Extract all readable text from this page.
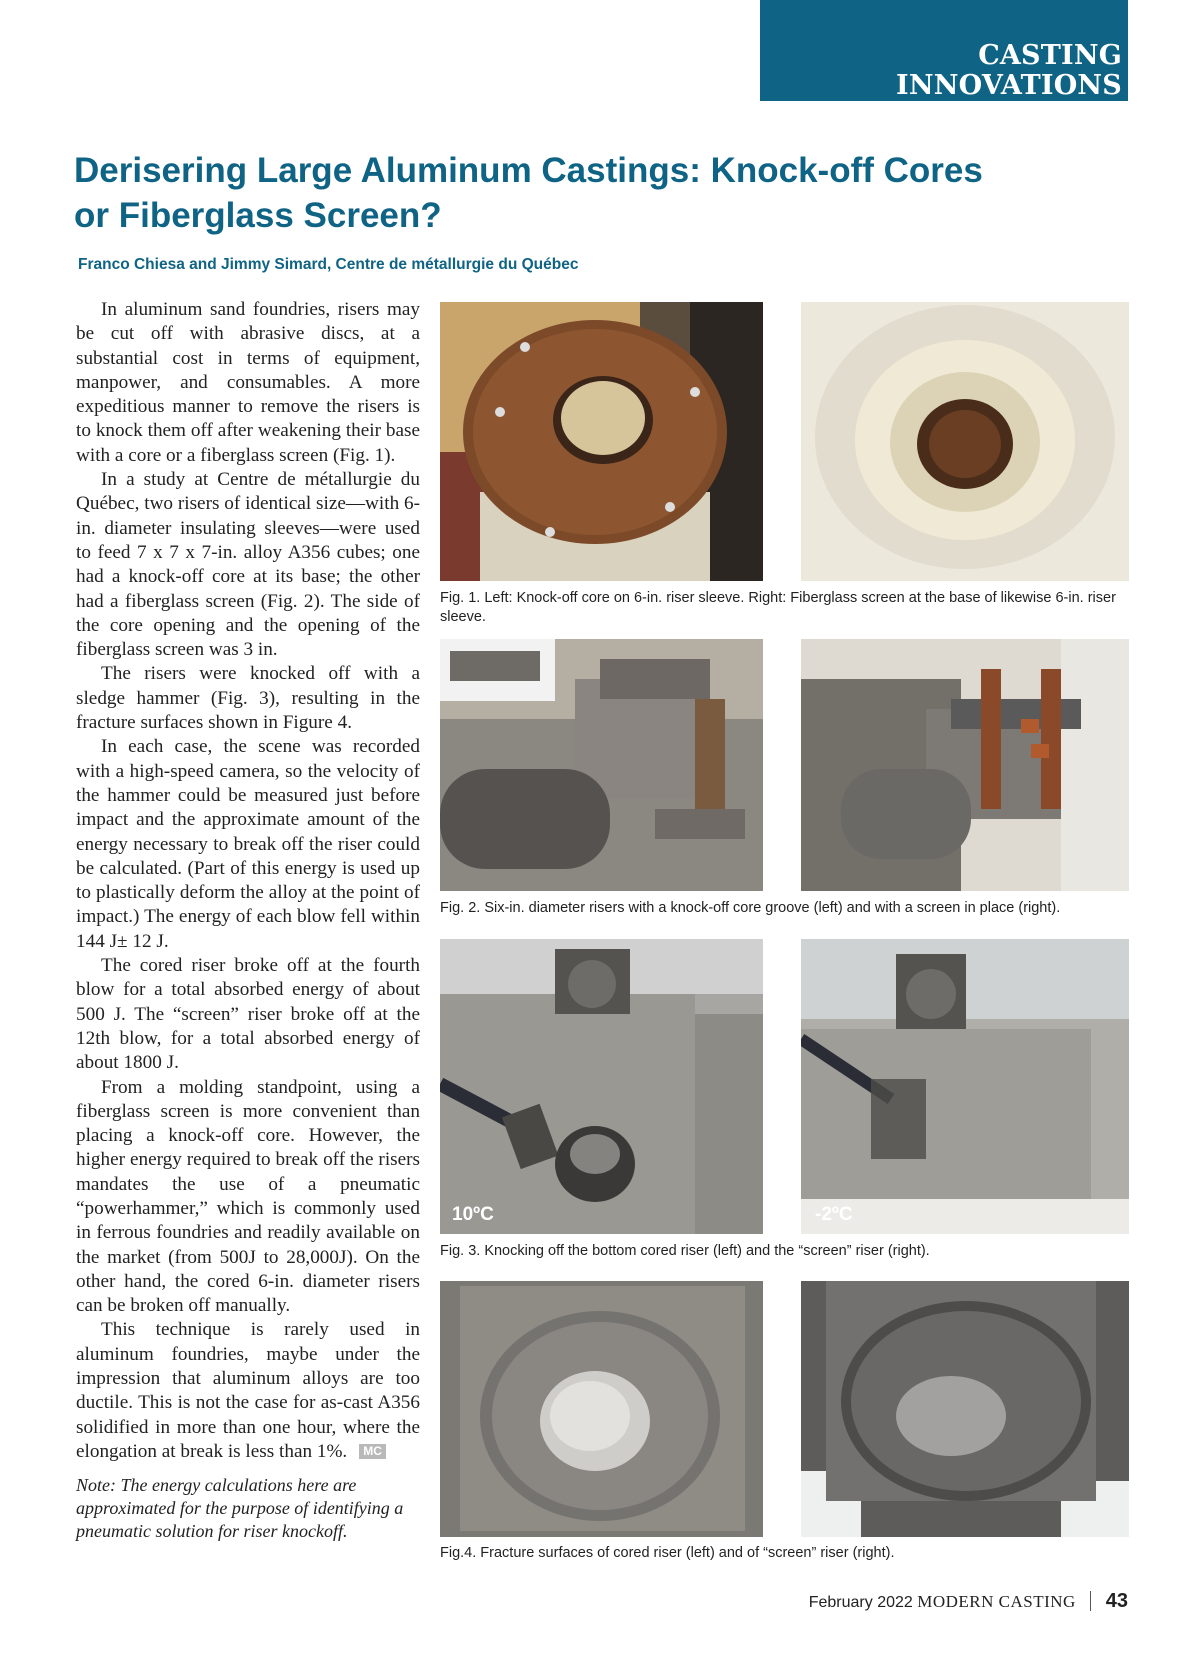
CASTING INNOVATIONS
Derisering Large Aluminum Castings: Knock-off Cores or Fiberglass Screen?

Franco Chiesa and Jimmy Simard, Centre de métallurgie du Québec

In aluminum sand foundries, risers may be cut off with abrasive discs, at a substantial cost in terms of equipment, manpower, and consumables. A more expeditious manner to remove the risers is to knock them off after weakening their base with a core or a fiberglass screen (Fig. 1).

In a study at Centre de métallurgie du Québec, two risers of identical size—with 6-in. diameter insulating sleeves—were used to feed 7 x 7 x 7-in. alloy A356 cubes; one had a knock-off core at its base; the other had a fiberglass screen (Fig. 2). The side of the core opening and the opening of the fiberglass screen was 3 in.

The risers were knocked off with a sledge hammer (Fig. 3), resulting in the fracture surfaces shown in Figure 4.

In each case, the scene was recorded with a high-speed camera, so the velocity of the hammer could be measured just before impact and the approximate amount of the energy necessary to break off the riser could be calculated. (Part of this energy is used up to plastically deform the alloy at the point of impact.) The energy of each blow fell within 144 J± 12 J.

The cored riser broke off at the fourth blow for a total absorbed energy of about 500 J. The “screen” riser broke off at the 12th blow, for a total absorbed energy of about 1800 J.

From a molding standpoint, using a fiberglass screen is more convenient than placing a knock-off core. However, the higher energy required to break off the risers mandates the use of a pneumatic “powerhammer,” which is commonly used in ferrous foundries and readily available on the market (from 500J to 28,000J). On the other hand, the cored 6-in. diameter risers can be broken off manually.

This technique is rarely used in aluminum foundries, maybe under the impression that aluminum alloys are too ductile. This is not the case for as-cast A356 solidified in more than one hour, where the elongation at break is less than 1%. MC

Note: The energy calculations here are approximated for the purpose of identifying a pneumatic solution for riser knockoff.

Fig. 1. Left: Knock-off core on 6-in. riser sleeve. Right: Fiberglass screen at the base of likewise 6-in. riser sleeve.

Fig. 2. Six-in. diameter risers with a knock-off core groove (left) and with a screen in place (right).

10ºC	-2ºC

Fig. 3. Knocking off the bottom cored riser (left) and the “screen” riser (right).

Fig.4. Fracture surfaces of cored riser (left) and of “screen” riser (right).

February 2022 MODERN CASTING 43
